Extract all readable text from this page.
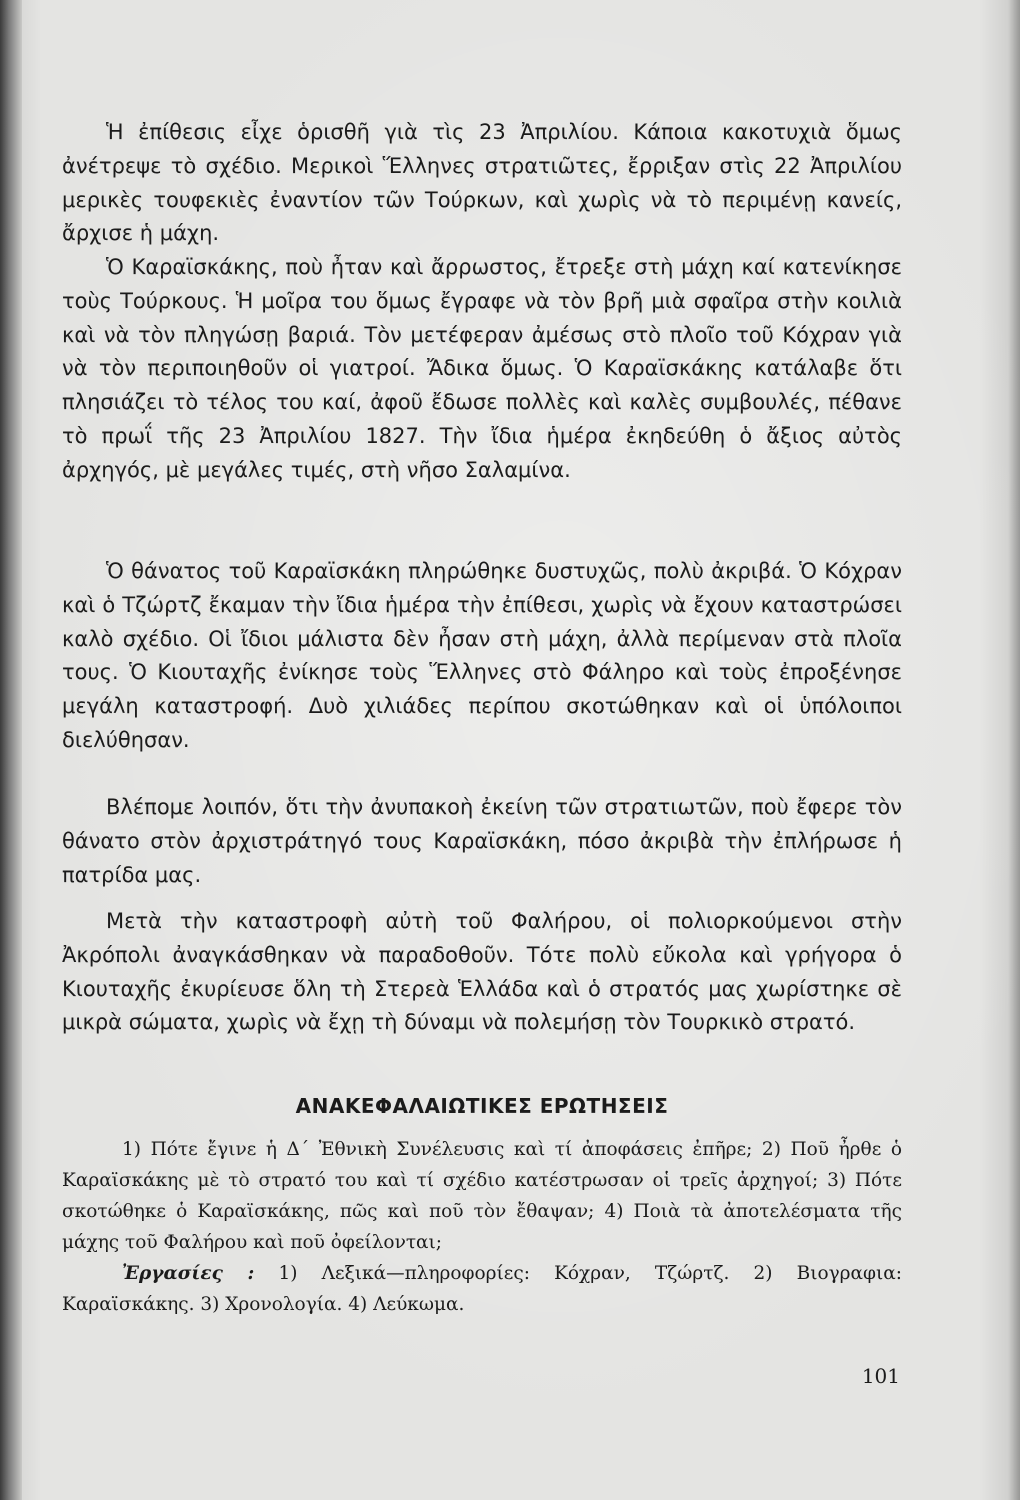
Ἡ ἐπίθεσις εἶχε ὁρισθῆ γιὰ τὶς 23 Ἀπριλίου. Κάποια κακοτυχιὰ ὅμως ἀνέτρεψε τὸ σχέδιο. Μερικοὶ Ἕλληνες στρατιῶτες, ἔρριξαν στὶς 22 Ἀπριλίου μερικὲς τουφεκιὲς ἐναντίον τῶν Τούρκων, καὶ χωρὶς νὰ τὸ περιμένῃ κανείς, ἄρχισε ἡ μάχη.

Ὁ Καραϊσκάκης, ποὺ ἦταν καὶ ἄρρωστος, ἔτρεξε στὴ μάχη καί κατενίκησε τοὺς Τούρκους. Ἡ μοῖρα του ὅμως ἔγραφε νὰ τὸν βρῆ μιὰ σφαῖρα στὴν κοιλιὰ καὶ νὰ τὸν πληγώσῃ βαριά. Τὸν μετέφεραν ἀμέσως στὸ πλοῖο τοῦ Κόχραν γιὰ νὰ τὸν περιποιηθοῦν οἱ γιατροί. Ἄδικα ὅμως. Ὁ Καραϊσκάκης κατάλαβε ὅτι πλησιάζει τὸ τέλος του καί, ἀφοῦ ἔδωσε πολλὲς καὶ καλὲς συμβουλές, πέθανε τὸ πρωΐ τῆς 23 Ἀπριλίου 1827. Τὴν ἴδια ἡμέρα ἐκηδεύθη ὁ ἄξιος αὐτὸς ἀρχηγός, μὲ μεγάλες τιμές, στὴ νῆσο Σαλαμίνα.

Ὁ θάνατος τοῦ Καραϊσκάκη πληρώθηκε δυστυχῶς, πολὺ ἀκριβά. Ὁ Κόχραν καὶ ὁ Τζώρτζ ἔκαμαν τὴν ἴδια ἡμέρα τὴν ἐπίθεσι, χωρὶς νὰ ἔχουν καταστρώσει καλὸ σχέδιο. Οἱ ἴδιοι μάλιστα δὲν ἦσαν στὴ μάχη, ἀλλὰ περίμεναν στὰ πλοῖα τους. Ὁ Κιουταχῆς ἐνίκησε τοὺς Ἕλληνες στὸ Φάληρο καὶ τοὺς ἐπροξένησε μεγάλη καταστροφή. Δυὸ χιλιάδες περίπου σκοτώθηκαν καὶ οἱ ὑπόλοιποι διελύθησαν.

Βλέπομε λοιπόν, ὅτι τὴν ἀνυπακοὴ ἐκείνη τῶν στρατιωτῶν, ποὺ ἔφερε τὸν θάνατο στὸν ἀρχιστράτηγό τους Καραϊσκάκη, πόσο ἀκριβὰ τὴν ἐπλήρωσε ἡ πατρίδα μας.

Μετὰ τὴν καταστροφὴ αὐτὴ τοῦ Φαλήρου, οἱ πολιορκούμενοι στὴν Ἀκρόπολι ἀναγκάσθηκαν νὰ παραδοθοῦν. Τότε πολὺ εὔκολα καὶ γρήγορα ὁ Κιουταχῆς ἐκυρίευσε ὅλη τὴ Στερεὰ Ἑλλάδα καὶ ὁ στρατός μας χωρίστηκε σὲ μικρὰ σώματα, χωρὶς νὰ ἔχῃ τὴ δύναμι νὰ πολεμήσῃ τὸν Τουρκικὸ στρατό.

ΑΝΑΚΕΦΑΛΑΙΩΤΙΚΕΣ ΕΡΩΤΗΣΕΙΣ

1) Πότε ἔγινε ἡ Δ΄ Ἐθνικὴ Συνέλευσις καὶ τί ἀποφάσεις ἐπῆρε; 2) Ποῦ ἦρθε ὁ Καραϊσκάκης μὲ τὸ στρατό του καὶ τί σχέδιο κατέστρωσαν οἱ τρεῖς ἀρχηγοί; 3) Πότε σκοτώθηκε ὁ Καραϊσκάκης, πῶς καὶ ποῦ τὸν ἔθαψαν; 4) Ποιὰ τὰ ἀποτελέσματα τῆς μάχης τοῦ Φαλήρου καὶ ποῦ ὀφείλονται;

Ἐργασίες : 1) Λεξικά—πληροφορίες: Κόχραν, Τζώρτζ. 2) Βιογραφια: Καραϊσκάκης. 3) Χρονολογία. 4) Λεύκωμα.

101
